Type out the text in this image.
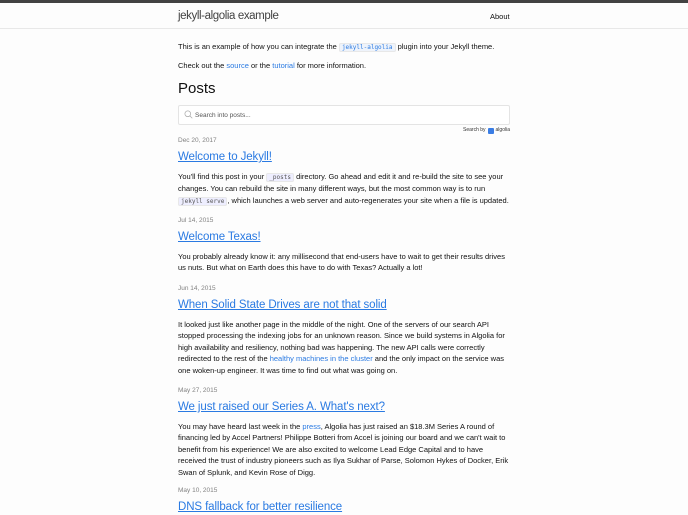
jekyll-algolia example	About

This is an example of how you can integrate the jekyll-algolia plugin into your Jekyll theme.

Check out the source or the tutorial for more information.

Posts
Search into posts...
Search by algolia
Dec 20, 2017
Welcome to Jekyll!

You'll find this post in your _posts directory. Go ahead and edit it and re-build the site to see your changes. You can rebuild the site in many different ways, but the most common way is to run jekyll serve , which launches a web server and auto-regenerates your site when a file is updated.

Jul 14, 2015
Welcome Texas!

You probably already know it: any millisecond that end-users have to wait to get their results drives us nuts. But what on Earth does this have to do with Texas? Actually a lot!

Jun 14, 2015
When Solid State Drives are not that solid

It looked just like another page in the middle of the night. One of the servers of our search API stopped processing the indexing jobs for an unknown reason. Since we build systems in Algolia for high availability and resiliency, nothing bad was happening. The new API calls were correctly redirected to the rest of the healthy machines in the cluster and the only impact on the service was one woken-up engineer. It was time to find out what was going on.

May 27, 2015
We just raised our Series A. What's next?

You may have heard last week in the press, Algolia has just raised an $18.3M Series A round of financing led by Accel Partners! Philippe Botteri from Accel is joining our board and we can't wait to benefit from his experience! We are also excited to welcome Lead Edge Capital and to have received the trust of industry pioneers such as Ilya Sukhar of Parse, Solomon Hykes of Docker, Erik Swan of Splunk, and Kevin Rose of Digg.

May 10, 2015
DNS fallback for better resilience
